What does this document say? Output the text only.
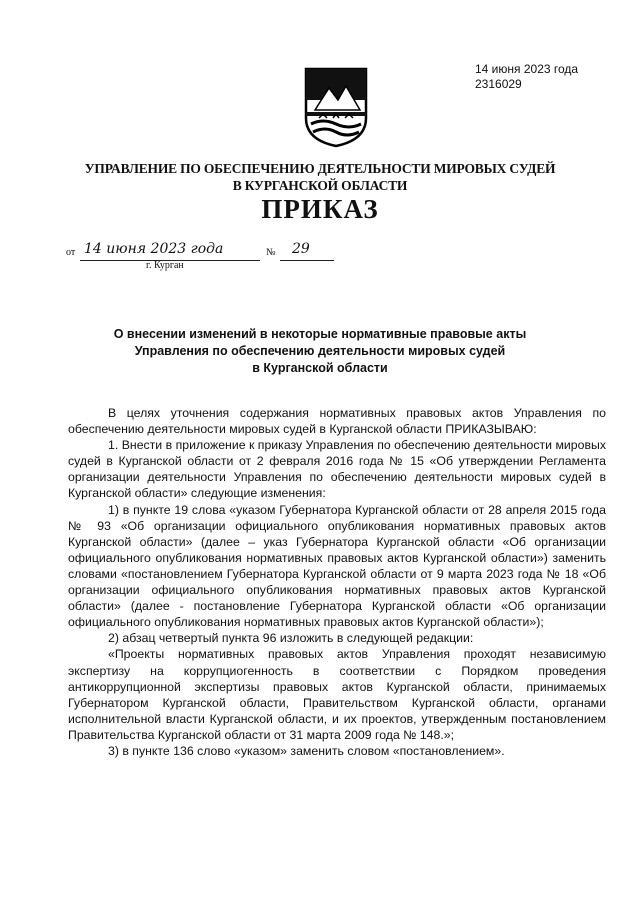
14 июня 2023 года
2316029
УПРАВЛЕНИЕ ПО ОБЕСПЕЧЕНИЮ ДЕЯТЕЛЬНОСТИ МИРОВЫХ СУДЕЙ
В КУРГАНСКОЙ ОБЛАСТИ
ПРИКАЗ
от 14 июня 2023 года	№ 29
г. Курган
О внесении изменений в некоторые нормативные правовые акты
Управления по обеспечению деятельности мировых судей
в Курганской области

В целях уточнения содержания нормативных правовых актов Управления по обеспечению деятельности мировых судей в Курганской области ПРИКАЗЫВАЮ:

1. Внести в приложение к приказу Управления по обеспечению деятельности мировых судей в Курганской области от 2 февраля 2016 года № 15 «Об утверждении Регламента организации деятельности Управления по обеспечению деятельности мировых судей в Курганской области» следующие изменения:

1) в пункте 19 слова «указом Губернатора Курганской области от 28 апреля 2015 года № 93 «Об организации официального опубликования нормативных правовых актов Курганской области» (далее – указ Губернатора Курганской области «Об организации официального опубликования нормативных правовых актов Курганской области») заменить словами «постановлением Губернатора Курганской области от 9 марта 2023 года № 18 «Об организации официального опубликования нормативных правовых актов Курганской области» (далее - постановление Губернатора Курганской области «Об организации официального опубликования нормативных правовых актов Курганской области»);

2) абзац четвертый пункта 96 изложить в следующей редакции:

«Проекты нормативных правовых актов Управления проходят независимую экспертизу на коррупциогенность в соответствии с Порядком проведения антикоррупционной экспертизы правовых актов Курганской области, принимаемых Губернатором Курганской области, Правительством Курганской области, органами исполнительной власти Курганской области, и их проектов, утвержденным постановлением Правительства Курганской области от 31 марта 2009 года № 148.»;

3) в пункте 136 слово «указом» заменить словом «постановлением».
